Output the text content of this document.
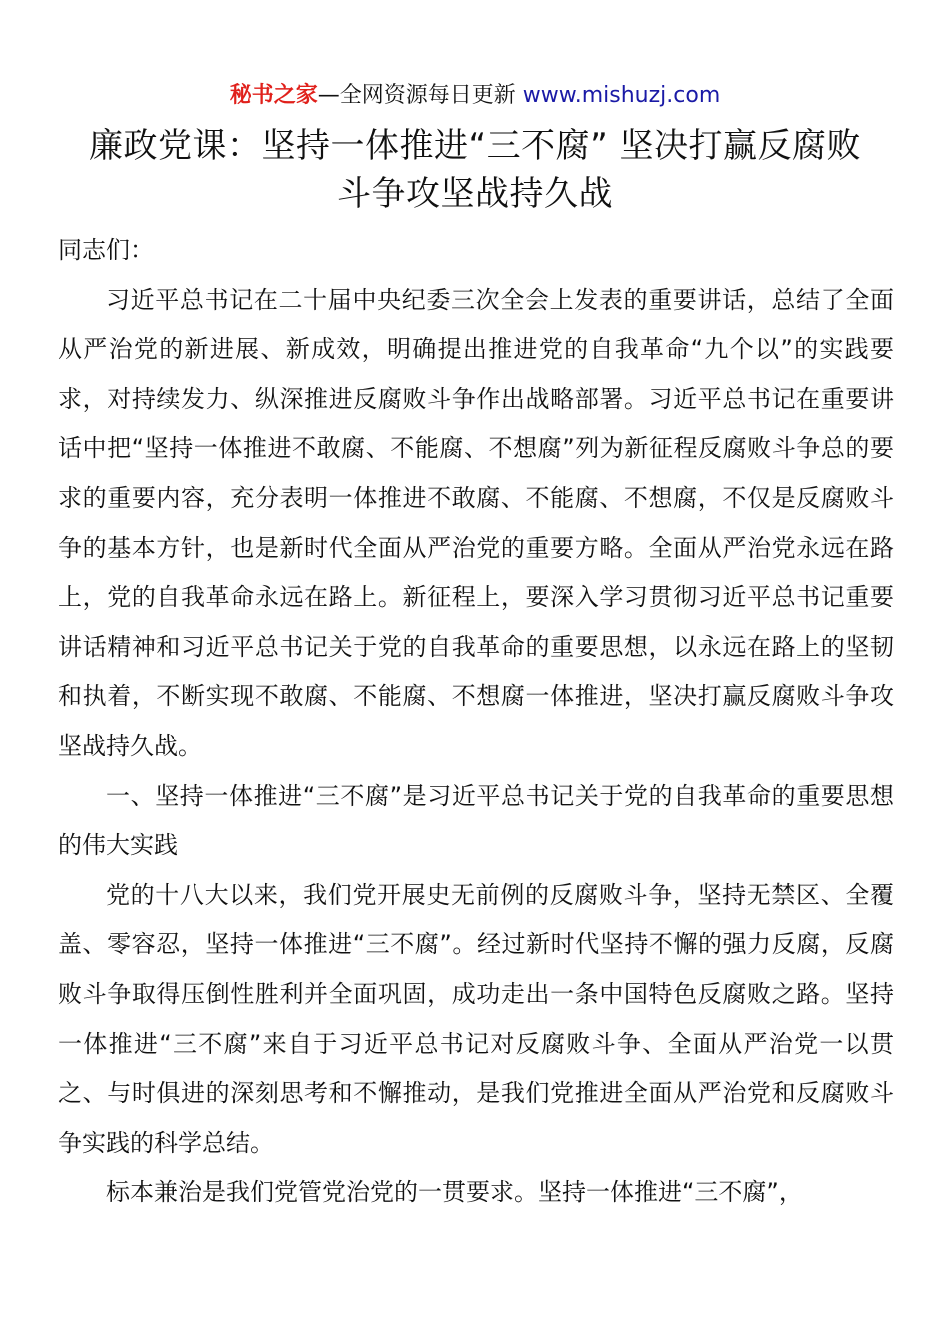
秘书之家—全网资源每日更新 www.mishuzj.com
廉政党课：坚持一体推进“三不腐” 坚决打赢反腐败
斗争攻坚战持久战

同志们：

习近平总书记在二十届中央纪委三次全会上发表的重要讲话，总结了全面从严治党的新进展、新成效，明确提出推进党的自我革命“九个以”的实践要求，对持续发力、纵深推进反腐败斗争作出战略部署。习近平总书记在重要讲话中把“坚持一体推进不敢腐、不能腐、不想腐”列为新征程反腐败斗争总的要求的重要内容，充分表明一体推进不敢腐、不能腐、不想腐，不仅是反腐败斗争的基本方针，也是新时代全面从严治党的重要方略。全面从严治党永远在路上，党的自我革命永远在路上。新征程上，要深入学习贯彻习近平总书记重要讲话精神和习近平总书记关于党的自我革命的重要思想，以永远在路上的坚韧和执着，不断实现不敢腐、不能腐、不想腐一体推进，坚决打赢反腐败斗争攻坚战持久战。

一、坚持一体推进“三不腐”是习近平总书记关于党的自我革命的重要思想的伟大实践

党的十八大以来，我们党开展史无前例的反腐败斗争，坚持无禁区、全覆盖、零容忍，坚持一体推进“三不腐”。经过新时代坚持不懈的强力反腐，反腐败斗争取得压倒性胜利并全面巩固，成功走出一条中国特色反腐败之路。坚持一体推进“三不腐”来自于习近平总书记对反腐败斗争、全面从严治党一以贯之、与时俱进的深刻思考和不懈推动，是我们党推进全面从严治党和反腐败斗争实践的科学总结。

标本兼治是我们党管党治党的一贯要求。坚持一体推进“三不腐”，
